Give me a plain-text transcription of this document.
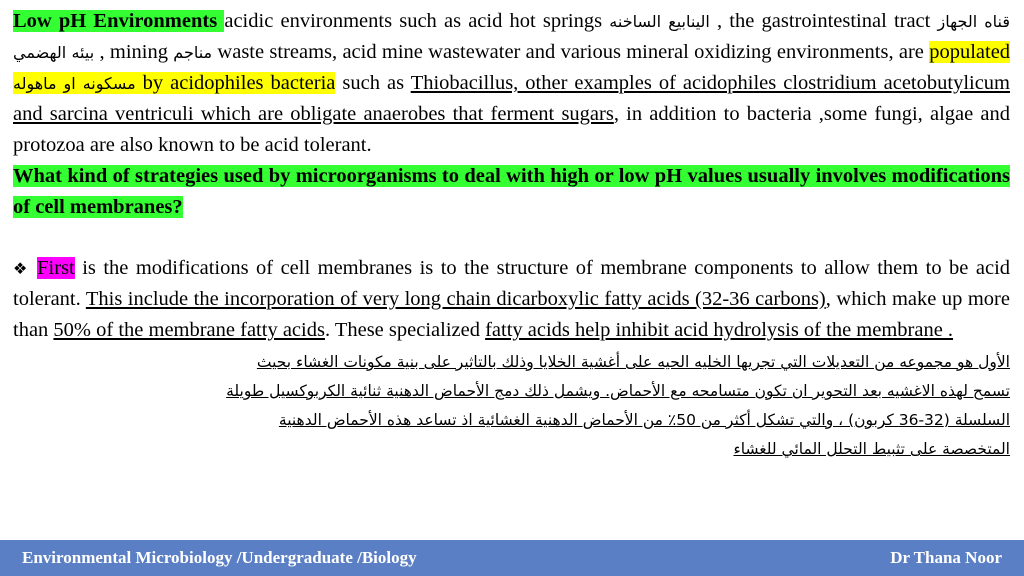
Low pH Environments acidic environments such as acid hot springs الينابيع الساخنه , the gastrointestinal tract قناه الجهاز الهضمي بيئه , mining مناجم waste streams, acid mine wastewater and various mineral oxidizing environments, are populated مسكونه او ماهوله by acidophiles bacteria such as Thiobacillus, other examples of acidophiles clostridium acetobutylicum and sarcina ventriculi which are obligate anaerobes that ferment sugars, in addition to bacteria ,some fungi, algae and protozoa are also known to be acid tolerant.

What kind of strategies used by microorganisms to deal with high or low pH values usually involves modifications of cell membranes?

❖ First is the modifications of cell membranes is to the structure of membrane components to allow them to be acid tolerant. This include the incorporation of very long chain dicarboxylic fatty acids (32-36 carbons), which make up more than 50% of the membrane fatty acids. These specialized fatty acids help inhibit acid hydrolysis of the membrane .

الأول هو مجموعه من التعديلات التي تجريها الخليه الحيه على أغشية الخلايا وذلك بالتاثير على بنية مكونات الغشاء بحيث
تسمح لهذه الاغشيه بعد التحوير ان تكون متسامحه مع الأحماض. ويشمل ذلك دمج الأحماض الدهنية ثنائية الكربوكسيل طويلة
السلسلة (32-36 كربون) ، والتي تشكل أكثر من 50٪ من الأحماض الدهنية الغشائية اذ تساعد هذه الأحماض الدهنية
المتخصصة على تثبيط التحلل المائي للغشاء
Environmental Microbiology /Undergraduate /Biology	Dr Thana Noor
